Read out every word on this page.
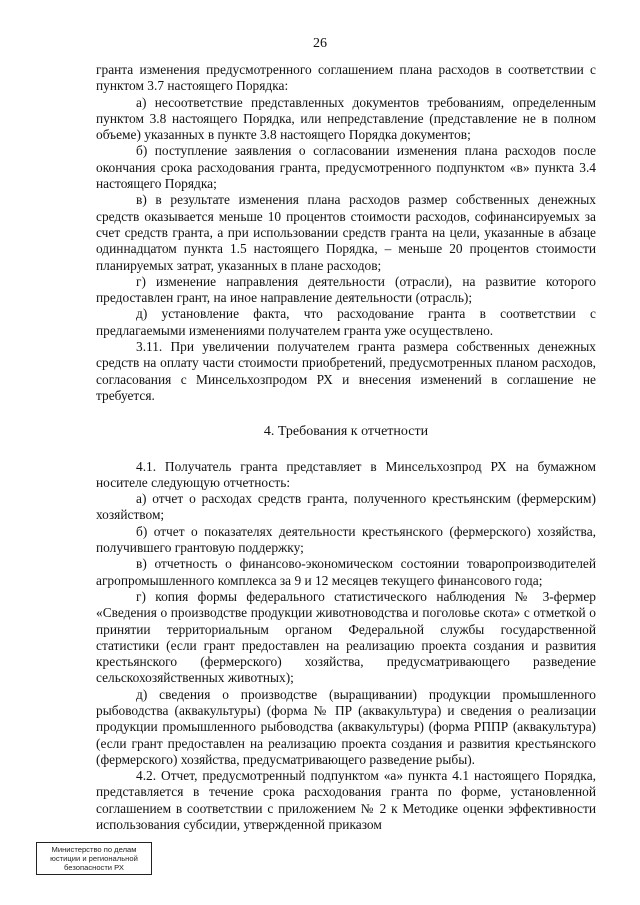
26

гранта изменения предусмотренного соглашением плана расходов в соответствии с пунктом 3.7 настоящего Порядка:

а) несоответствие представленных документов требованиям, определенным пунктом 3.8 настоящего Порядка, или непредставление (представление не в полном объеме) указанных в пункте 3.8 настоящего Порядка документов;

б) поступление заявления о согласовании изменения плана расходов после окончания срока расходования гранта, предусмотренного подпунктом «в» пункта 3.4 настоящего Порядка;

в) в результате изменения плана расходов размер собственных денежных средств оказывается меньше 10 процентов стоимости расходов, софинансируемых за счет средств гранта, а при использовании средств гранта на цели, указанные в абзаце одиннадцатом пункта 1.5 настоящего Порядка, – меньше 20 процентов стоимости планируемых затрат, указанных в плане расходов;

г) изменение направления деятельности (отрасли), на развитие которого предоставлен грант, на иное направление деятельности (отрасль);

д) установление факта, что расходование гранта в соответствии с предлагаемыми изменениями получателем гранта уже осуществлено.

3.11. При увеличении получателем гранта размера собственных денежных средств на оплату части стоимости приобретений, предусмотренных планом расходов, согласования с Минсельхозпродом РХ и внесения изменений в соглашение не требуется.

4. Требования к отчетности

4.1. Получатель гранта представляет в Минсельхозпрод РХ на бумажном носителе следующую отчетность:

а) отчет о расходах средств гранта, полученного крестьянским (фермерским) хозяйством;

б) отчет о показателях деятельности крестьянского (фермерского) хозяйства, получившего грантовую поддержку;

в) отчетность о финансово-экономическом состоянии товаропроизводителей агропромышленного комплекса за 9 и 12 месяцев текущего финансового года;

г) копия формы федерального статистического наблюдения № 3-фермер «Сведения о производстве продукции животноводства и поголовье скота» с отметкой о принятии территориальным органом Федеральной службы государственной статистики (если грант предоставлен на реализацию проекта создания и развития крестьянского (фермерского) хозяйства, предусматривающего разведение сельскохозяйственных животных);

д) сведения о производстве (выращивании) продукции промышленного рыбоводства (аквакультуры) (форма № ПР (аквакультура) и сведения о реализации продукции промышленного рыбоводства (аквакультуры) (форма РППР (аквакультура) (если грант предоставлен на реализацию проекта создания и развития крестьянского (фермерского) хозяйства, предусматривающего разведение рыбы).

4.2. Отчет, предусмотренный подпунктом «а» пункта 4.1 настоящего Порядка, представляется в течение срока расходования гранта по форме, установленной соглашением в соответствии с приложением № 2 к Методике оценки эффективности использования субсидии, утвержденной приказом

Министерство по делам
юстиции и региональной
безопасности РХ
